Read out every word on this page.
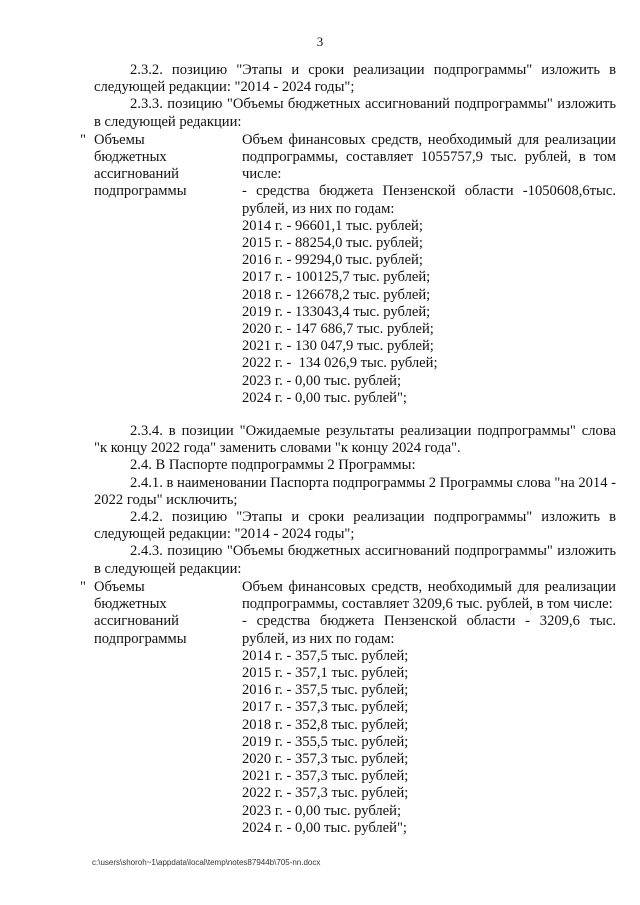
3

2.3.2. позицию "Этапы и сроки реализации подпрограммы" изложить в следующей редакции: "2014 - 2024 годы";

2.3.3. позицию "Объемы бюджетных ассигнований подпрограммы" изложить в следующей редакции:

" Объемы
бюджетных
ассигнований
подпрограммы
Объем финансовых средств, необходимый для реализации подпрограммы, составляет 1055757,9 тыс. рублей, в том числе:
- средства бюджета Пензенской области -1050608,6тыс. рублей, из них по годам:
2014 г. - 96601,1 тыс. рублей;
2015 г. - 88254,0 тыс. рублей;
2016 г. - 99294,0 тыс. рублей;
2017 г. - 100125,7 тыс. рублей;
2018 г. - 126678,2 тыс. рублей;
2019 г. - 133043,4 тыс. рублей;
2020 г. - 147 686,7 тыс. рублей;
2021 г. - 130 047,9 тыс. рублей;
2022 г. -  134 026,9 тыс. рублей;
2023 г. - 0,00 тыс. рублей;
2024 г. - 0,00 тыс. рублей";

2.3.4. в позиции "Ожидаемые результаты реализации подпрограммы" слова "к концу 2022 года" заменить словами "к концу 2024 года".

2.4. В Паспорте подпрограммы 2 Программы:

2.4.1. в наименовании Паспорта подпрограммы 2 Программы слова "на 2014 - 2022 годы" исключить;

2.4.2. позицию "Этапы и сроки реализации подпрограммы" изложить в следующей редакции: "2014 - 2024 годы";

2.4.3. позицию "Объемы бюджетных ассигнований подпрограммы" изложить в следующей редакции:

" Объемы
бюджетных
ассигнований
подпрограммы
Объем финансовых средств, необходимый для реализации подпрограммы, составляет 3209,6 тыс. рублей, в том числе:
- средства бюджета Пензенской области - 3209,6 тыс. рублей, из них по годам:
2014 г. - 357,5 тыс. рублей;
2015 г. - 357,1 тыс. рублей;
2016 г. - 357,5 тыс. рублей;
2017 г. - 357,3 тыс. рублей;
2018 г. - 352,8 тыс. рублей;
2019 г. - 355,5 тыс. рублей;
2020 г. - 357,3 тыс. рублей;
2021 г. - 357,3 тыс. рублей;
2022 г. - 357,3 тыс. рублей;
2023 г. - 0,00 тыс. рублей;
2024 г. - 0,00 тыс. рублей";
c:\users\shoroh~1\appdata\local\temp\notes87944b\705-nn.docx
